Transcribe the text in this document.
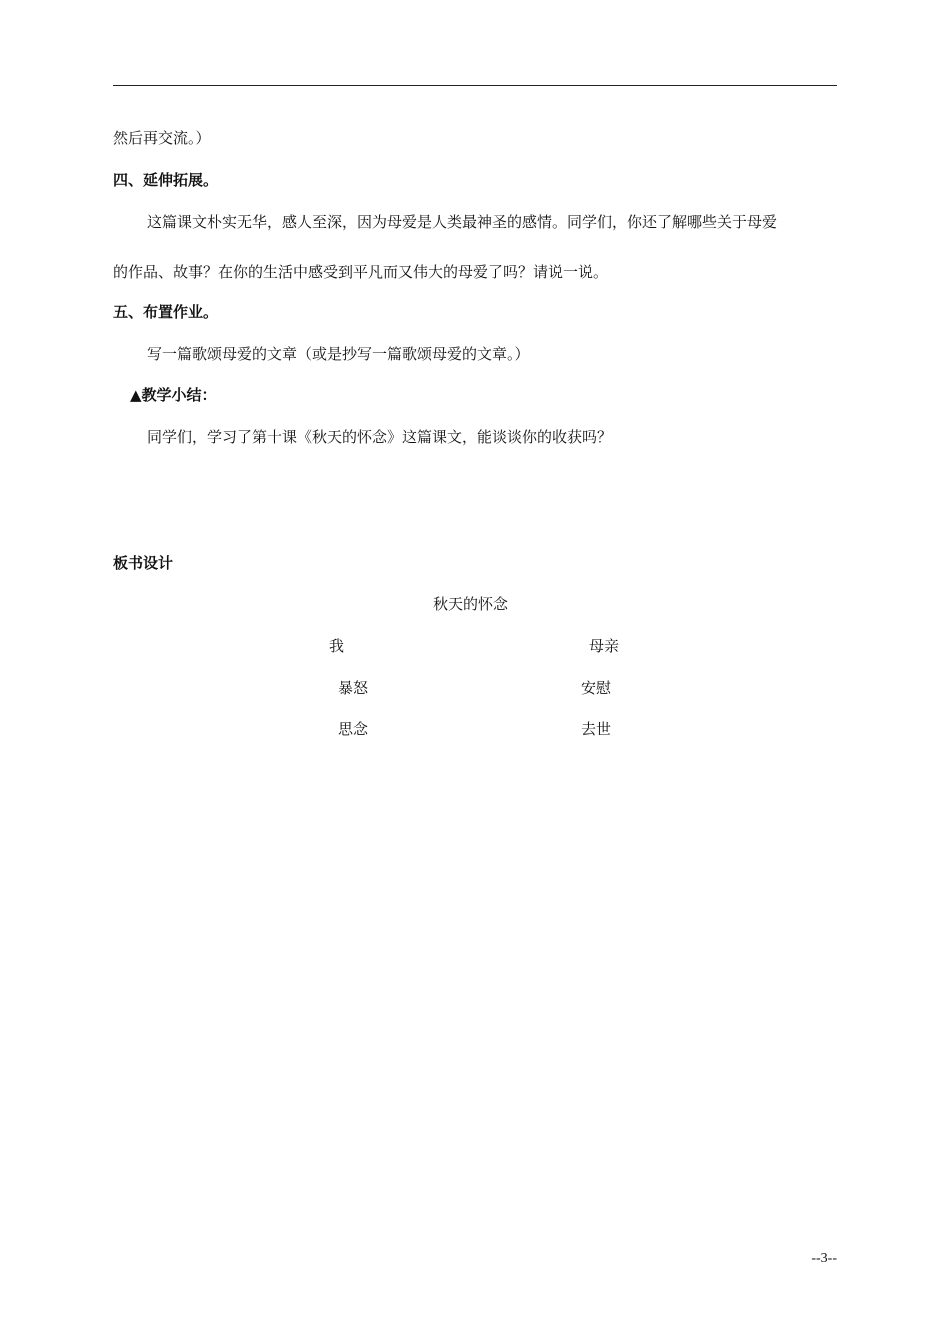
然后再交流。）
四、延伸拓展。
这篇课文朴实无华，感人至深，因为母爱是人类最神圣的感情。同学们，你还了解哪些关于母爱
的作品、故事？在你的生活中感受到平凡而又伟大的母爱了吗？请说一说。
五、布置作业。
写一篇歌颂母爱的文章（或是抄写一篇歌颂母爱的文章。）
▲教学小结：
同学们，学习了第十课《秋天的怀念》这篇课文，能谈谈你的收获吗？
板书设计
秋天的怀念
我	母亲
暴怒	安慰
思念	去世
--3--
